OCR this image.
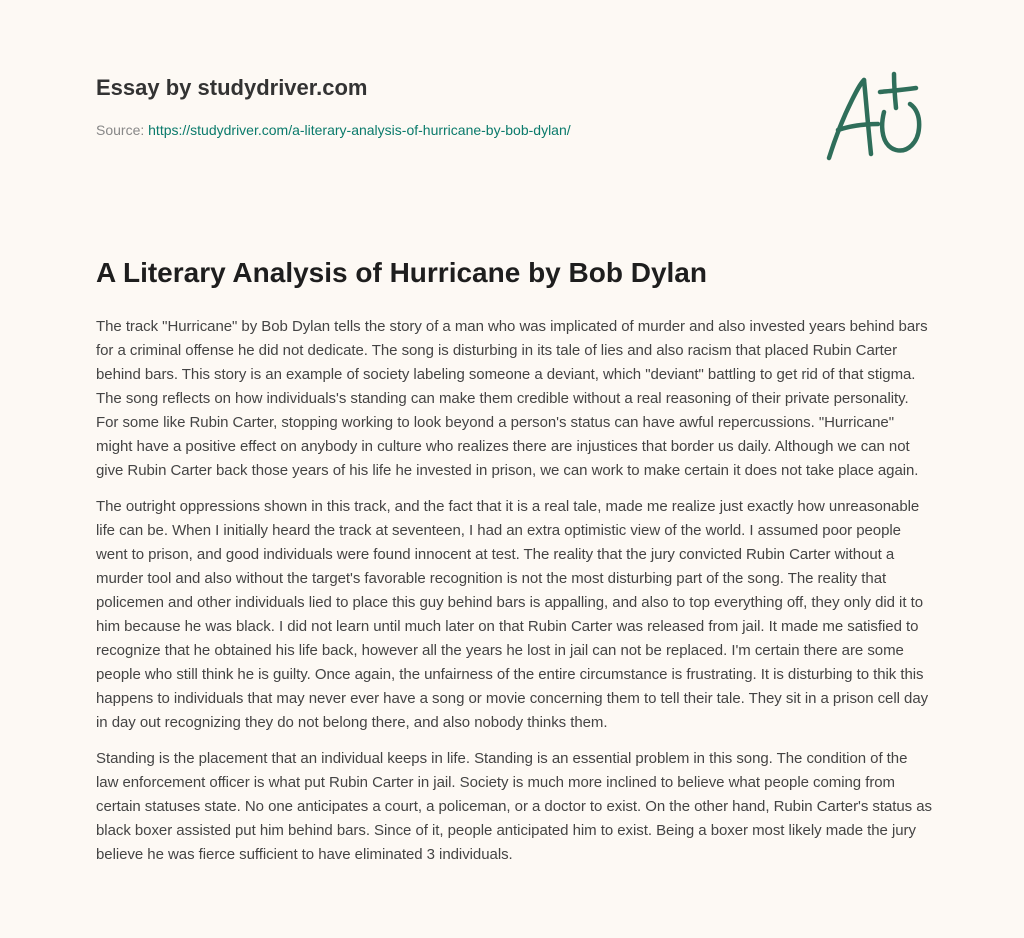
Essay by studydriver.com
Source: https://studydriver.com/a-literary-analysis-of-hurricane-by-bob-dylan/
A Literary Analysis of Hurricane by Bob Dylan

The track "Hurricane" by Bob Dylan tells the story of a man who was implicated of murder and also invested years behind bars for a criminal offense he did not dedicate. The song is disturbing in its tale of lies and also racism that placed Rubin Carter behind bars. This story is an example of society labeling someone a deviant, which "deviant" battling to get rid of that stigma. The song reflects on how individuals's standing can make them credible without a real reasoning of their private personality. For some like Rubin Carter, stopping working to look beyond a person's status can have awful repercussions. "Hurricane" might have a positive effect on anybody in culture who realizes there are injustices that border us daily. Although we can not give Rubin Carter back those years of his life he invested in prison, we can work to make certain it does not take place again.

The outright oppressions shown in this track, and the fact that it is a real tale, made me realize just exactly how unreasonable life can be. When I initially heard the track at seventeen, I had an extra optimistic view of the world. I assumed poor people went to prison, and good individuals were found innocent at test. The reality that the jury convicted Rubin Carter without a murder tool and also without the target's favorable recognition is not the most disturbing part of the song. The reality that policemen and other individuals lied to place this guy behind bars is appalling, and also to top everything off, they only did it to him because he was black. I did not learn until much later on that Rubin Carter was released from jail. It made me satisfied to recognize that he obtained his life back, however all the years he lost in jail can not be replaced. I'm certain there are some people who still think he is guilty. Once again, the unfairness of the entire circumstance is frustrating. It is disturbing to thik this happens to individuals that may never ever have a song or movie concerning them to tell their tale. They sit in a prison cell day in day out recognizing they do not belong there, and also nobody thinks them.

Standing is the placement that an individual keeps in life. Standing is an essential problem in this song. The condition of the law enforcement officer is what put Rubin Carter in jail. Society is much more inclined to believe what people coming from certain statuses state. No one anticipates a court, a policeman, or a doctor to exist. On the other hand, Rubin Carter's status as black boxer assisted put him behind bars. Since of it, people anticipated him to exist. Being a boxer most likely made the jury believe he was fierce sufficient to have eliminated 3 individuals.
